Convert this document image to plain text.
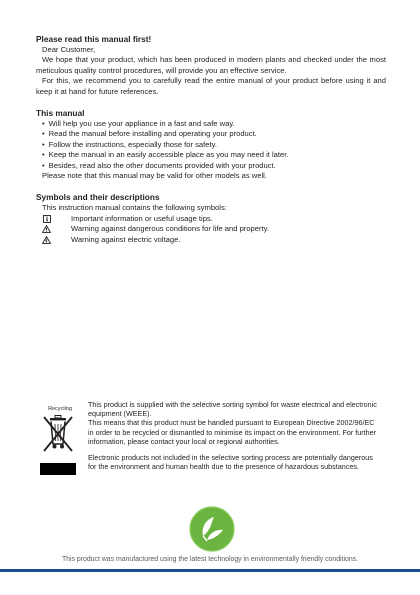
Please read this manual first!

Dear Customer,

We hope that your product, which has been produced in modern plants and checked under the most meticulous quality control procedures, will provide you an effective service.

For this, we recommend you to carefully read the entire manual of your product before using it and keep it at hand for future references.

This manual
• Will help you use your appliance in a fast and safe way.
• Read the manual before installing and operating your product.
• Follow the instructions, especially those for safety.
• Keep the manual in an easily accessible place as you may need it later.
• Besides, read also the other documents provided with your product.
Please note that this manual may be valid for other models as well.
Symbols and their descriptions
This instruction manual contains the following symbols:
Important information or useful usage tips.
Warning against dangerous conditions for life and property.
Warning against electric voltage.
Recycling	This product is supplied with the selective sorting symbol for waste electrical and electronic equipment (WEEE).

This means that this product must be handled pursuant to European Directive 2002/96/EC in order to be recycled or dismantled to minimise its impact on the environment. For further information, please contact your local or regional authorities.

Electronic products not included in the selective sorting process are potentially dangerous for the environment and human health due to the presence of hazardous substances.

This product was manufactured using the latest technology in environmentally friendly conditions.
